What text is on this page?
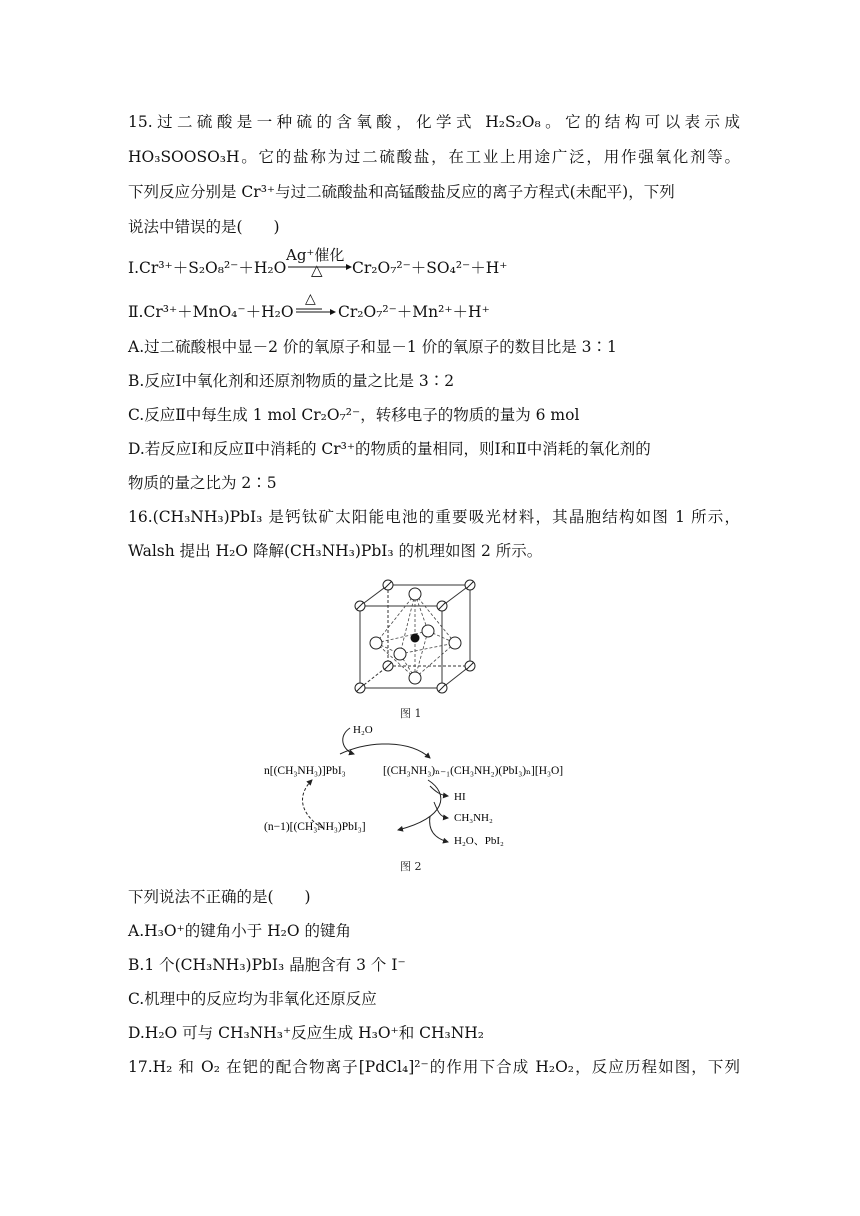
15.过二硫酸是一种硫的含氧酸，化学式 H₂S₂O₈。它的结构可以表示成
HO₃SOOSO₃H。它的盐称为过二硫酸盐，在工业上用途广泛，用作强氧化剂等。
下列反应分别是 Cr³⁺与过二硫酸盐和高锰酸盐反应的离子方程式(未配平)，下列
说法中错误的是(　　)
Ⅰ.Cr³⁺＋S₂O₈²⁻＋H₂O
Ag⁺催化
△ Cr₂O₇²⁻＋SO₄²⁻＋H⁺
Ⅱ.Cr³⁺＋MnO₄⁻＋H₂O
△
Cr₂O₇²⁻＋Mn²⁺＋H⁺
A.过二硫酸根中显－2 价的氧原子和显－1 价的氧原子的数目比是 3∶1
B.反应Ⅰ中氧化剂和还原剂物质的量之比是 3∶2
C.反应Ⅱ中每生成 1 mol Cr₂O₇²⁻，转移电子的物质的量为 6 mol
D.若反应Ⅰ和反应Ⅱ中消耗的 Cr³⁺的物质的量相同，则Ⅰ和Ⅱ中消耗的氧化剂的
物质的量之比为 2∶5
16.(CH₃NH₃)PbI₃ 是钙钛矿太阳能电池的重要吸光材料，其晶胞结构如图 1 所示，
Walsh 提出 H₂O 降解(CH₃NH₃)PbI₃ 的机理如图 2 所示。
图 1
H₂O
n[(CH₃NH₃)]PbI₃	[(CH₃NH₃)ₙ₋₁(CH₃NH₂)(PbI₃)ₙ][H₃O]
HI
CH₃NH₂
H₂O、PbI₂
(n−1)[(CH₃NH₃)PbI₃]
图 2
下列说法不正确的是(　　)
A.H₃O⁺的键角小于 H₂O 的键角
B.1 个(CH₃NH₃)PbI₃ 晶胞含有 3 个 I⁻
C.机理中的反应均为非氧化还原反应
D.H₂O 可与 CH₃NH₃⁺反应生成 H₃O⁺和 CH₃NH₂
17.H₂ 和 O₂ 在钯的配合物离子[PdCl₄]²⁻的作用下合成 H₂O₂，反应历程如图，下列
